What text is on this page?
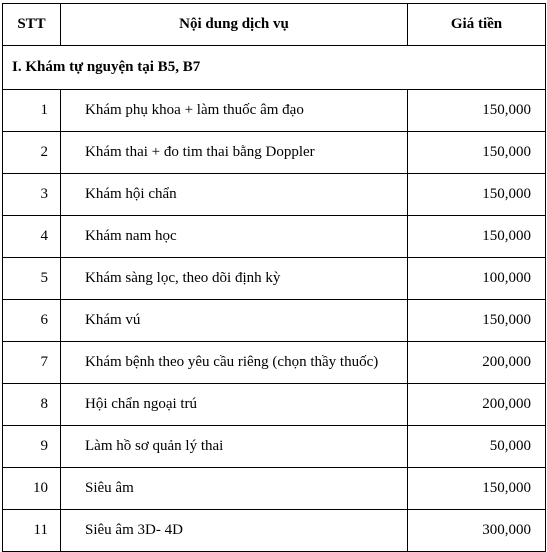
STT	Nội dung dịch vụ	Giá tiền
I. Khám tự nguyện tại B5, B7		
1	Khám phụ khoa + làm thuốc âm đạo	150,000
2	Khám thai + đo tim thai bằng Doppler	150,000
3	Khám hội chẩn	150,000
4	Khám nam học	150,000
5	Khám sàng lọc, theo dõi định kỳ	100,000
6	Khám vú	150,000
7	Khám bệnh theo yêu cầu riêng (chọn thầy thuốc)	200,000
8	Hội chẩn ngoại trú	200,000
9	Làm hồ sơ quản lý thai	50,000
10	Siêu âm	150,000
11	Siêu âm 3D- 4D	300,000
